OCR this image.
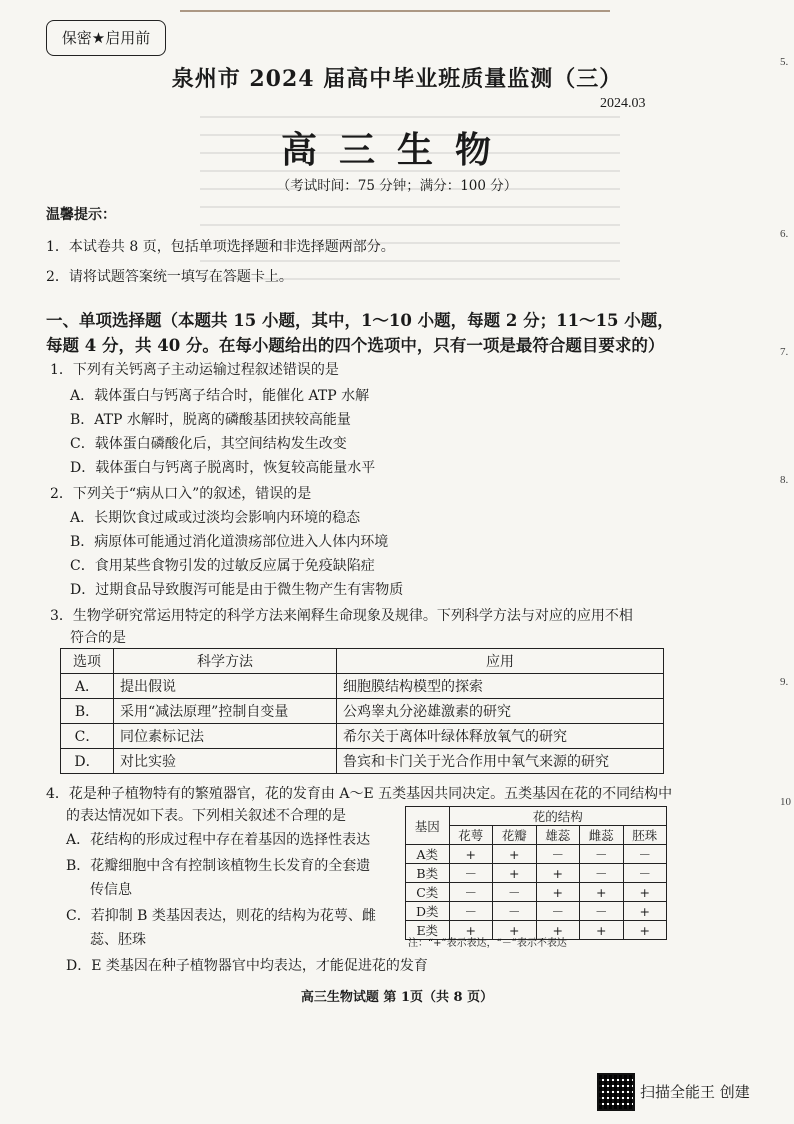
保密★启用前
泉州市 2024 届高中毕业班质量监测（三）
2024.03
高三生物
（考试时间：75 分钟；满分：100 分）
温馨提示：
1．本试卷共 8 页，包括单项选择题和非选择题两部分。
2．请将试题答案统一填写在答题卡上。
一、单项选择题（本题共 15 小题，其中，1～10 小题，每题 2 分；11～15 小题，每题 4 分，共 40 分。在每小题给出的四个选项中，只有一项是最符合题目要求的）
1．下列有关钙离子主动运输过程叙述错误的是
A．载体蛋白与钙离子结合时，能催化 ATP 水解
B．ATP 水解时，脱离的磷酸基团挟较高能量
C．载体蛋白磷酸化后，其空间结构发生改变
D．载体蛋白与钙离子脱离时，恢复较高能量水平
2．下列关于“病从口入”的叙述，错误的是
A．长期饮食过咸或过淡均会影响内环境的稳态
B．病原体可能通过消化道溃疡部位进入人体内环境
C．食用某些食物引发的过敏反应属于免疫缺陷症
D．过期食品导致腹泻可能是由于微生物产生有害物质
3．生物学研究常运用特定的科学方法来阐释生命现象及规律。下列科学方法与对应的应用不相
符合的是
选项	科学方法	应用
A．	提出假说	细胞膜结构模型的探索
B．	采用“减法原理”控制自变量	公鸡睾丸分泌雄激素的研究
C．	同位素标记法	希尔关于离体叶绿体释放氧气的研究
D．	对比实验	鲁宾和卡门关于光合作用中氧气来源的研究
4．花是种子植物特有的繁殖器官，花的发育由 A～E 五类基因共同决定。五类基因在花的不同结构中
的表达情况如下表。下列相关叙述不合理的是
A．花结构的形成过程中存在着基因的选择性表达
B．花瓣细胞中含有控制该植物生长发育的全套遗
传信息
C．若抑制 B 类基因表达，则花的结构为花萼、雌
蕊、胚珠
D．E 类基因在种子植物器官中均表达，才能促进花的发育
基因	花的结构				
	花萼	花瓣	雄蕊	雌蕊	胚珠
A类	+	+	－	－	－
B类	－	+	+	－	－
C类	－	－	+	+	+
D类	－	－	－	－	+
E类	+	+	+	+	+
注：“+”表示表达，“－”表示不表达
高三生物试题 第 1页（共 8 页）
5.
6.
7.
8.
9.
10
扫描全能王 创建
